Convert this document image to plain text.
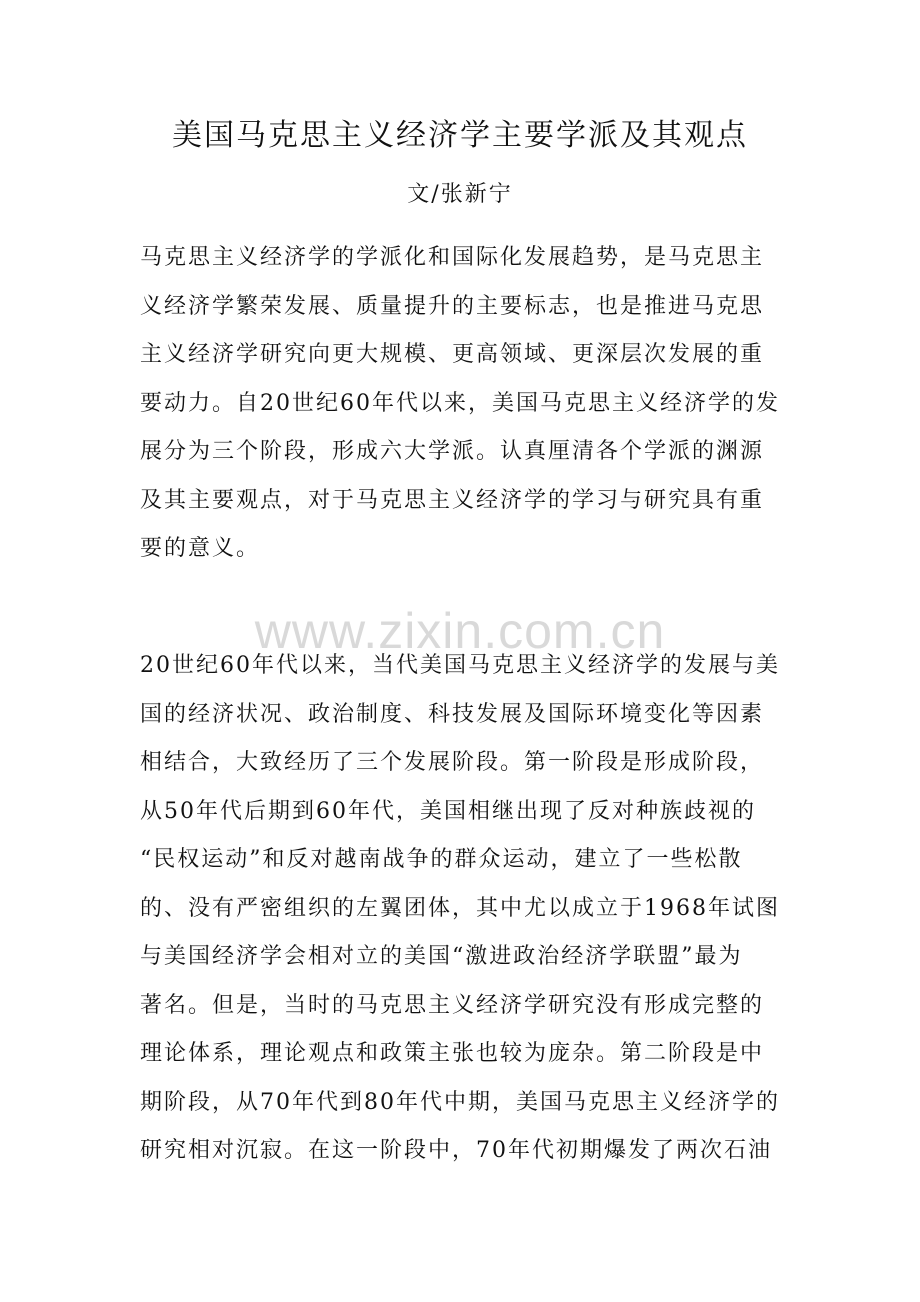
美国马克思主义经济学主要学派及其观点
文/张新宁
www.zixin.com.cn
马克思主义经济学的学派化和国际化发展趋势，是马克思主
义经济学繁荣发展、质量提升的主要标志，也是推进马克思
主义经济学研究向更大规模、更高领域、更深层次发展的重
要动力。自20世纪60年代以来，美国马克思主义经济学的发
展分为三个阶段，形成六大学派。认真厘清各个学派的渊源
及其主要观点，对于马克思主义经济学的学习与研究具有重
要的意义。
20世纪60年代以来，当代美国马克思主义经济学的发展与美
国的经济状况、政治制度、科技发展及国际环境变化等因素
相结合，大致经历了三个发展阶段。第一阶段是形成阶段，
从50年代后期到60年代，美国相继出现了反对种族歧视的
“民权运动”和反对越南战争的群众运动，建立了一些松散
的、没有严密组织的左翼团体，其中尤以成立于1968年试图
与美国经济学会相对立的美国“激进政治经济学联盟”最为
著名。但是，当时的马克思主义经济学研究没有形成完整的
理论体系，理论观点和政策主张也较为庞杂。第二阶段是中
期阶段，从70年代到80年代中期，美国马克思主义经济学的
研究相对沉寂。在这一阶段中，70年代初期爆发了两次石油
